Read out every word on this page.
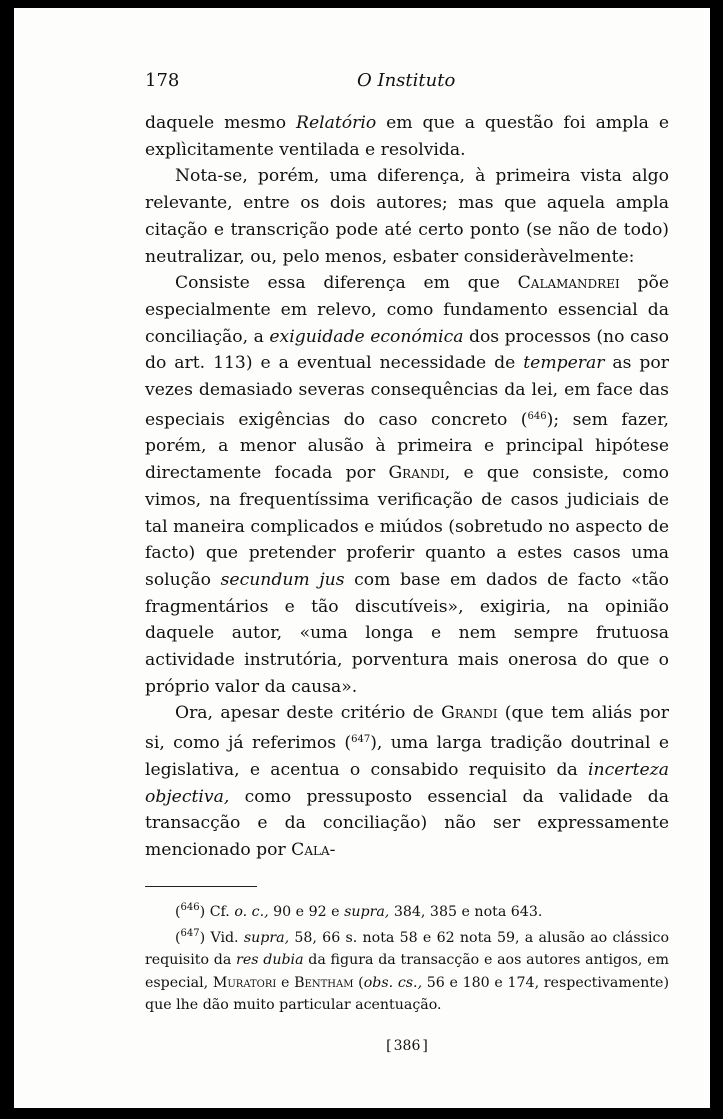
178	O Instituto

daquele mesmo Relatório em que a questão foi ampla e explìcitamente ventilada e resolvida.

Nota-se, porém, uma diferença, à primeira vista algo relevante, entre os dois autores; mas que aquela ampla citação e transcrição pode até certo ponto (se não de todo) neutralizar, ou, pelo menos, esbater consideràvelmente:

Consiste essa diferença em que Calamandrei põe especialmente em relevo, como fundamento essencial da conciliação, a exiguidade económica dos processos (no caso do art. 113) e a eventual necessidade de temperar as por vezes demasiado severas consequências da lei, em face das especiais exigências do caso concreto ($^{646}$); sem fazer, porém, a menor alusão à primeira e principal hipótese directamente focada por Grandi, e que consiste, como vimos, na frequentíssima verificação de casos judiciais de tal maneira complicados e miúdos (sobretudo no aspecto de facto) que pretender proferir quanto a estes casos uma solução secundum jus com base em dados de facto «tão fragmentários e tão discutíveis», exigiria, na opinião daquele autor, «uma longa e nem sempre frutuosa actividade instrutória, porventura mais onerosa do que o próprio valor da causa».

Ora, apesar deste critério de Grandi (que tem aliás por si, como já referimos ($^{647}$), uma larga tradição doutrinal e legislativa, e acentua o consabido requisito da incerteza objectiva, como pressuposto essencial da validade da transacção e da conciliação) não ser expressamente mencionado por Cala-

($^{646}$) Cf. o. c., 90 e 92 e supra, 384, 385 e nota 643.

($^{647}$) Vid. supra, 58, 66 s. nota 58 e 62 nota 59, a alusão ao clássico requisito da res dubia da figura da transacção e aos autores antigos, em especial, Muratori e Bentham (obs. cs., 56 e 180 e 174, respectivamente) que lhe dão muito particular acentuação.

[ 386 ]
